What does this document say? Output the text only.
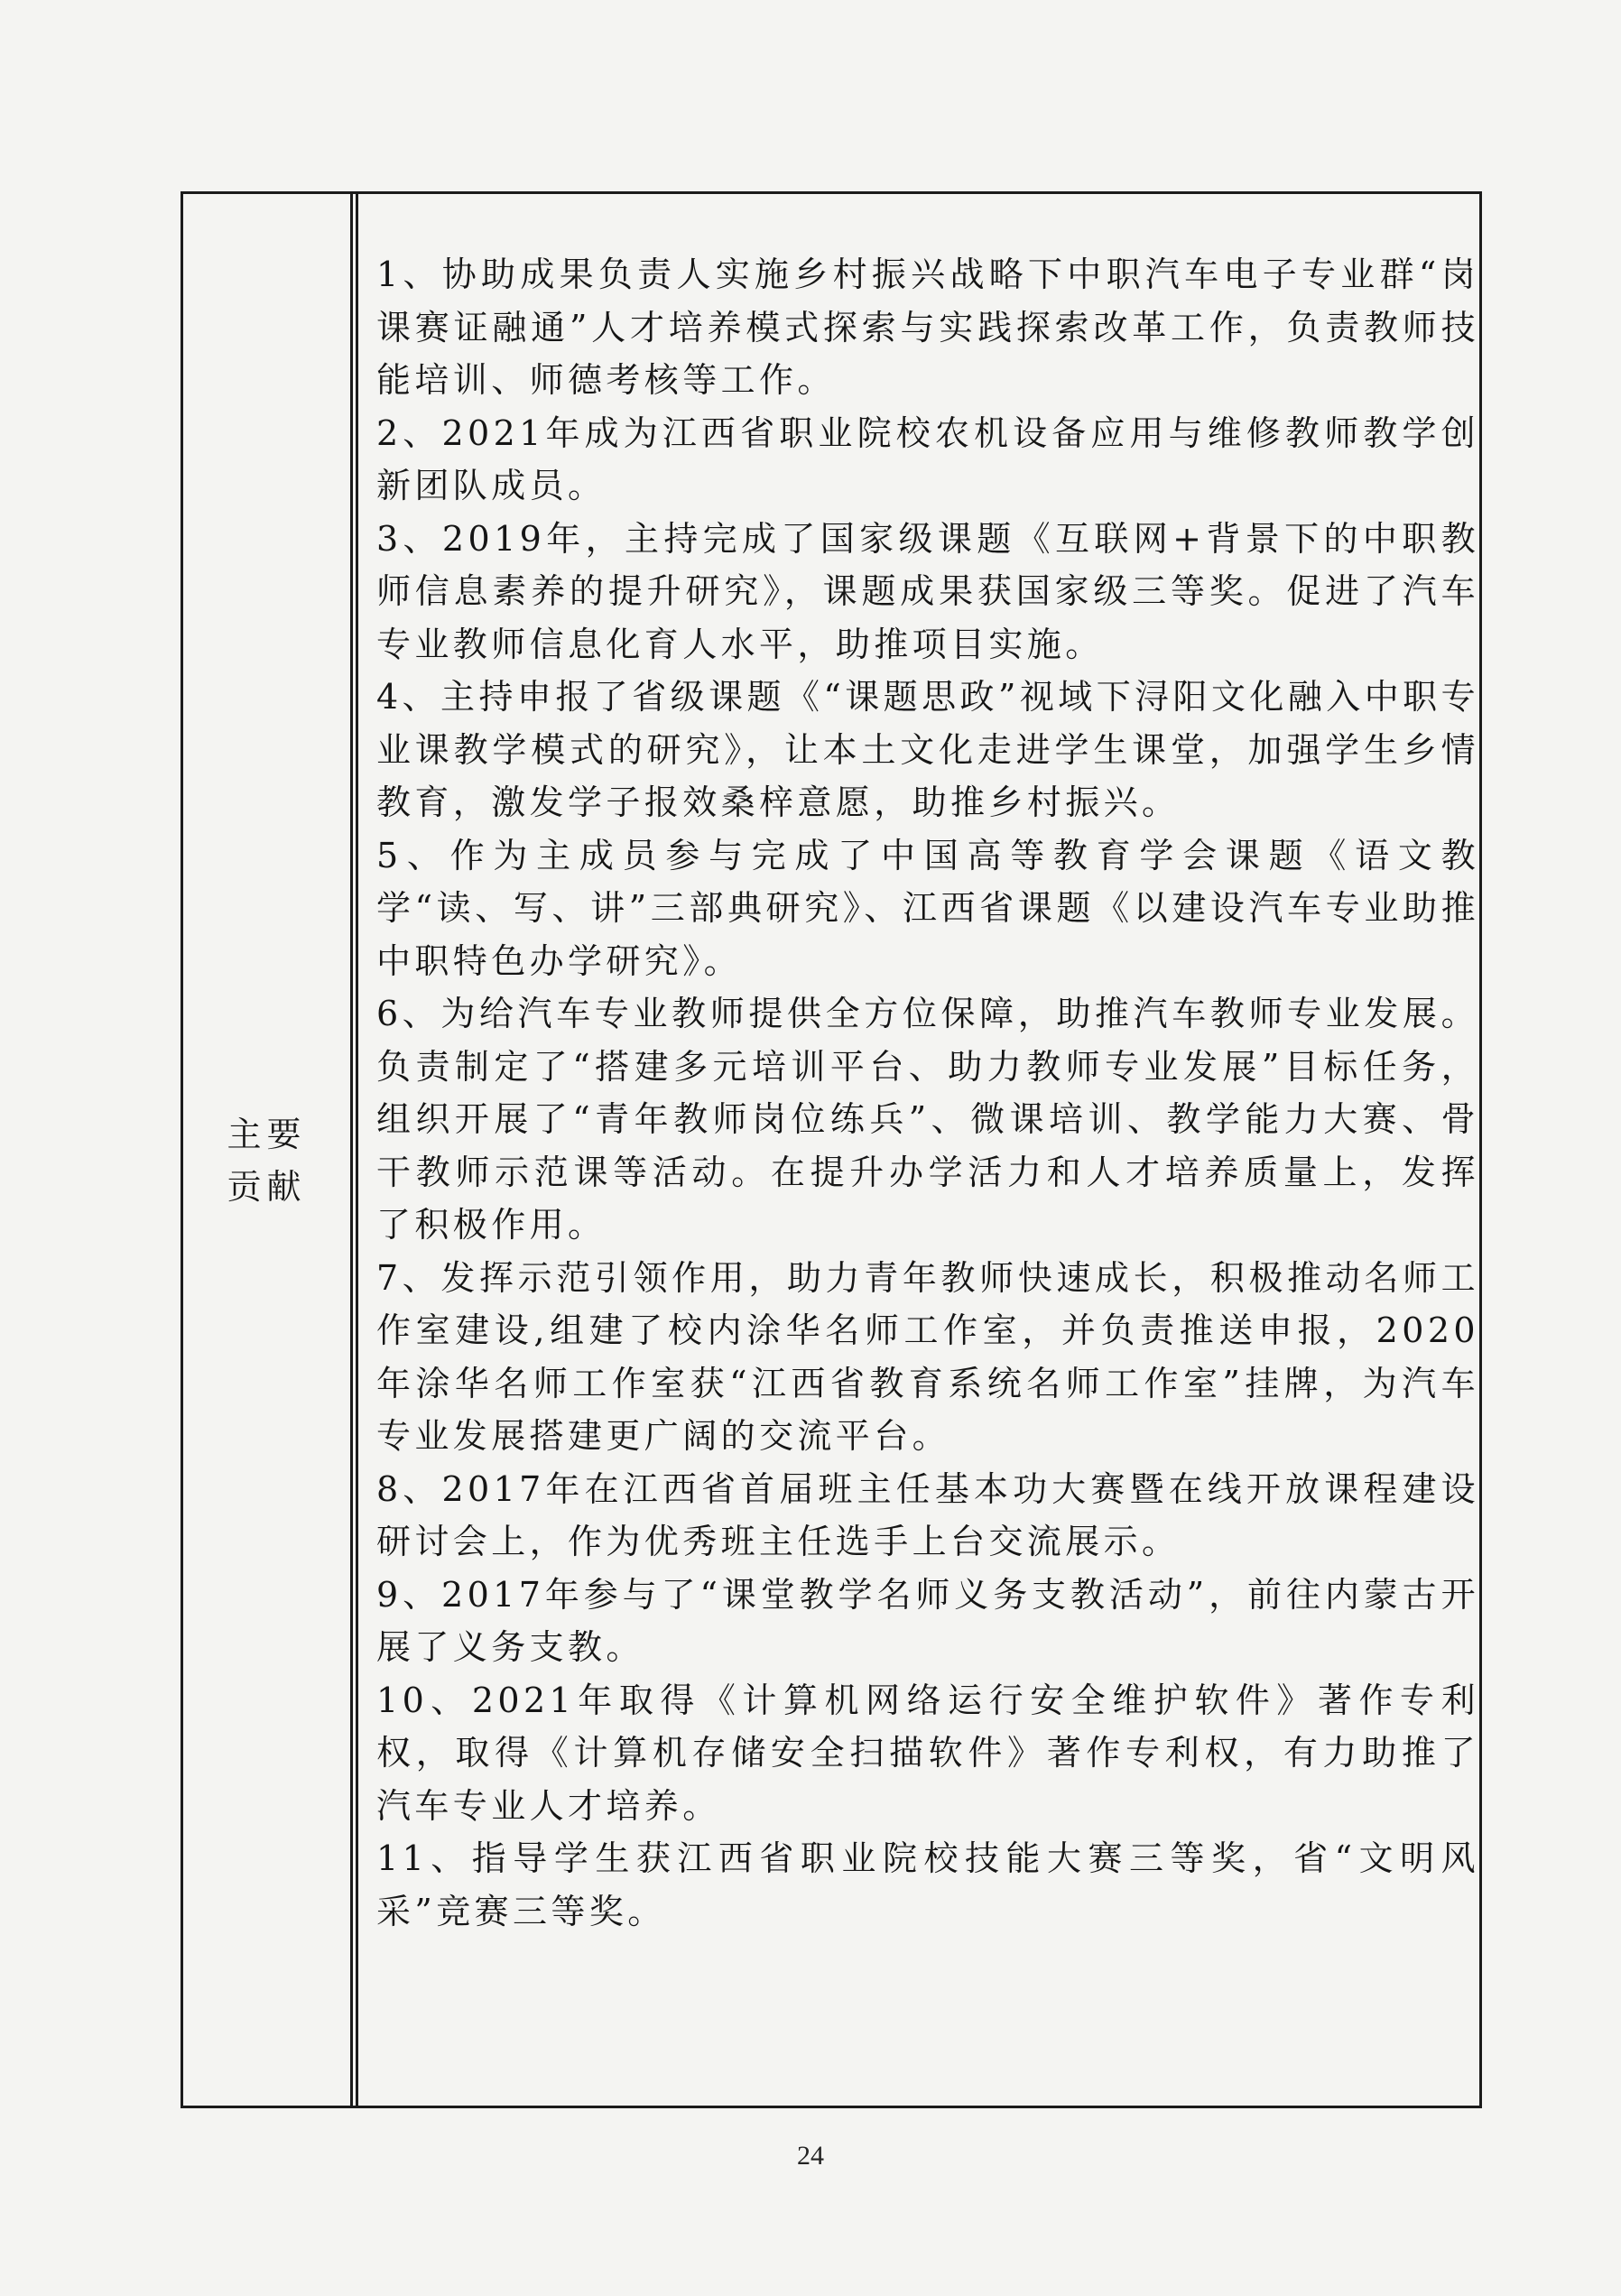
主要贡献

1、协助成果负责人实施乡村振兴战略下中职汽车电子专业群“岗课赛证融通”人才培养模式探索与实践探索改革工作，负责教师技能培训、师德考核等工作。

2、2021年成为江西省职业院校农机设备应用与维修教师教学创新团队成员。

3、2019年，主持完成了国家级课题《互联网+背景下的中职教师信息素养的提升研究》，课题成果获国家级三等奖。促进了汽车专业教师信息化育人水平，助推项目实施。

4、主持申报了省级课题《“课题思政”视域下浔阳文化融入中职专业课教学模式的研究》，让本土文化走进学生课堂，加强学生乡情教育，激发学子报效桑梓意愿，助推乡村振兴。

5、作为主成员参与完成了中国高等教育学会课题《语文教学“读、写、讲”三部典研究》、江西省课题《以建设汽车专业助推中职特色办学研究》。

6、为给汽车专业教师提供全方位保障，助推汽车教师专业发展。负责制定了“搭建多元培训平台、助力教师专业发展”目标任务，组织开展了“青年教师岗位练兵”、微课培训、教学能力大赛、骨干教师示范课等活动。在提升办学活力和人才培养质量上，发挥了积极作用。

7、发挥示范引领作用，助力青年教师快速成长，积极推动名师工作室建设,组建了校内涂华名师工作室，并负责推送申报，2020年涂华名师工作室获“江西省教育系统名师工作室”挂牌，为汽车专业发展搭建更广阔的交流平台。

8、2017年在江西省首届班主任基本功大赛暨在线开放课程建设研讨会上，作为优秀班主任选手上台交流展示。

9、2017年参与了“课堂教学名师义务支教活动”，前往内蒙古开展了义务支教。

10、2021年取得《计算机网络运行安全维护软件》著作专利权，取得《计算机存储安全扫描软件》著作专利权，有力助推了汽车专业人才培养。

11、指导学生获江西省职业院校技能大赛三等奖，省“文明风采”竞赛三等奖。

24
